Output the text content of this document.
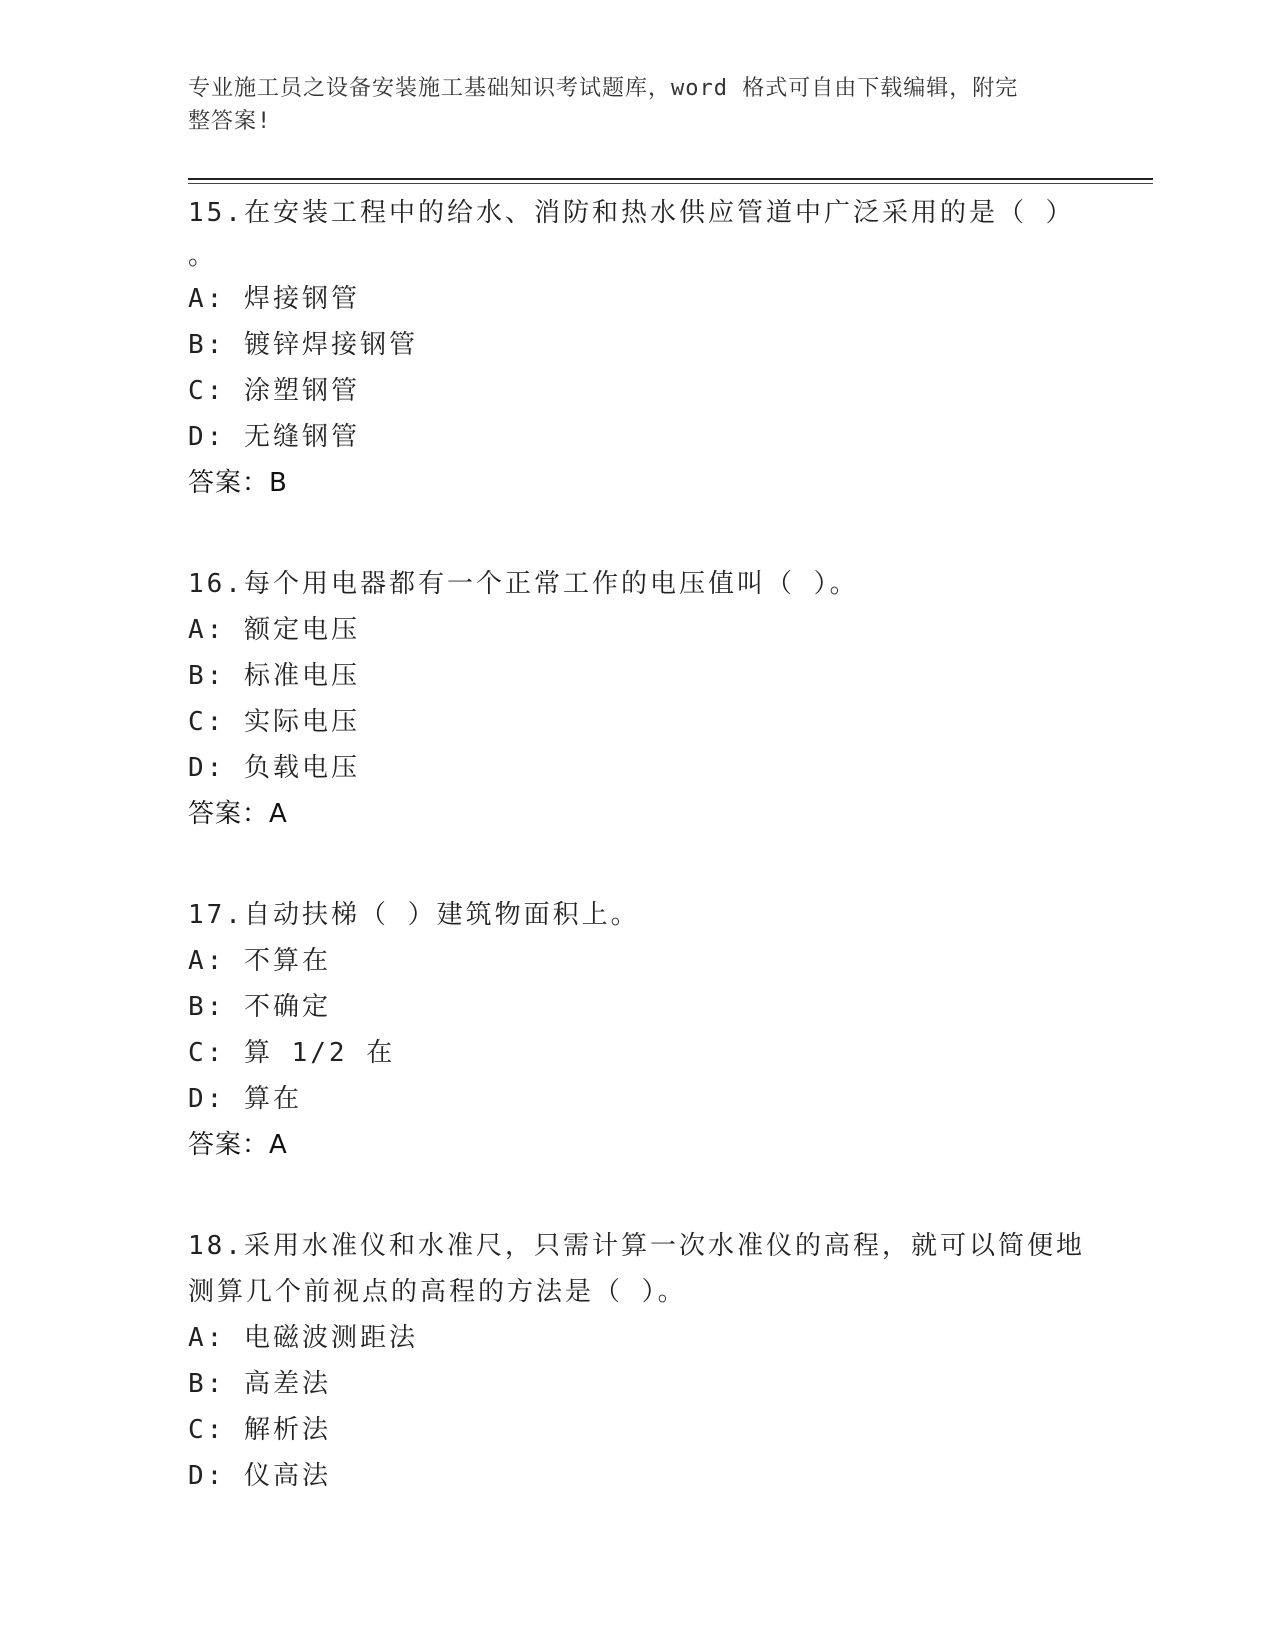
专业施工员之设备安装施工基础知识考试题库，word 格式可自由下载编辑，附完
整答案!

15.在安装工程中的给水、消防和热水供应管道中广泛采用的是（ ）

。

A: 焊接钢管

B: 镀锌焊接钢管

C: 涂塑钢管

D: 无缝钢管

答案：B

16.每个用电器都有一个正常工作的电压值叫（ ）。

A: 额定电压

B: 标准电压

C: 实际电压

D: 负载电压

答案：A

17.自动扶梯（ ）建筑物面积上。

A: 不算在

B: 不确定

C: 算 1/2 在

D: 算在

答案：A

18.采用水准仪和水准尺，只需计算一次水准仪的高程，就可以简便地

测算几个前视点的高程的方法是（ ）。

A: 电磁波测距法

B: 高差法

C: 解析法

D: 仪高法
